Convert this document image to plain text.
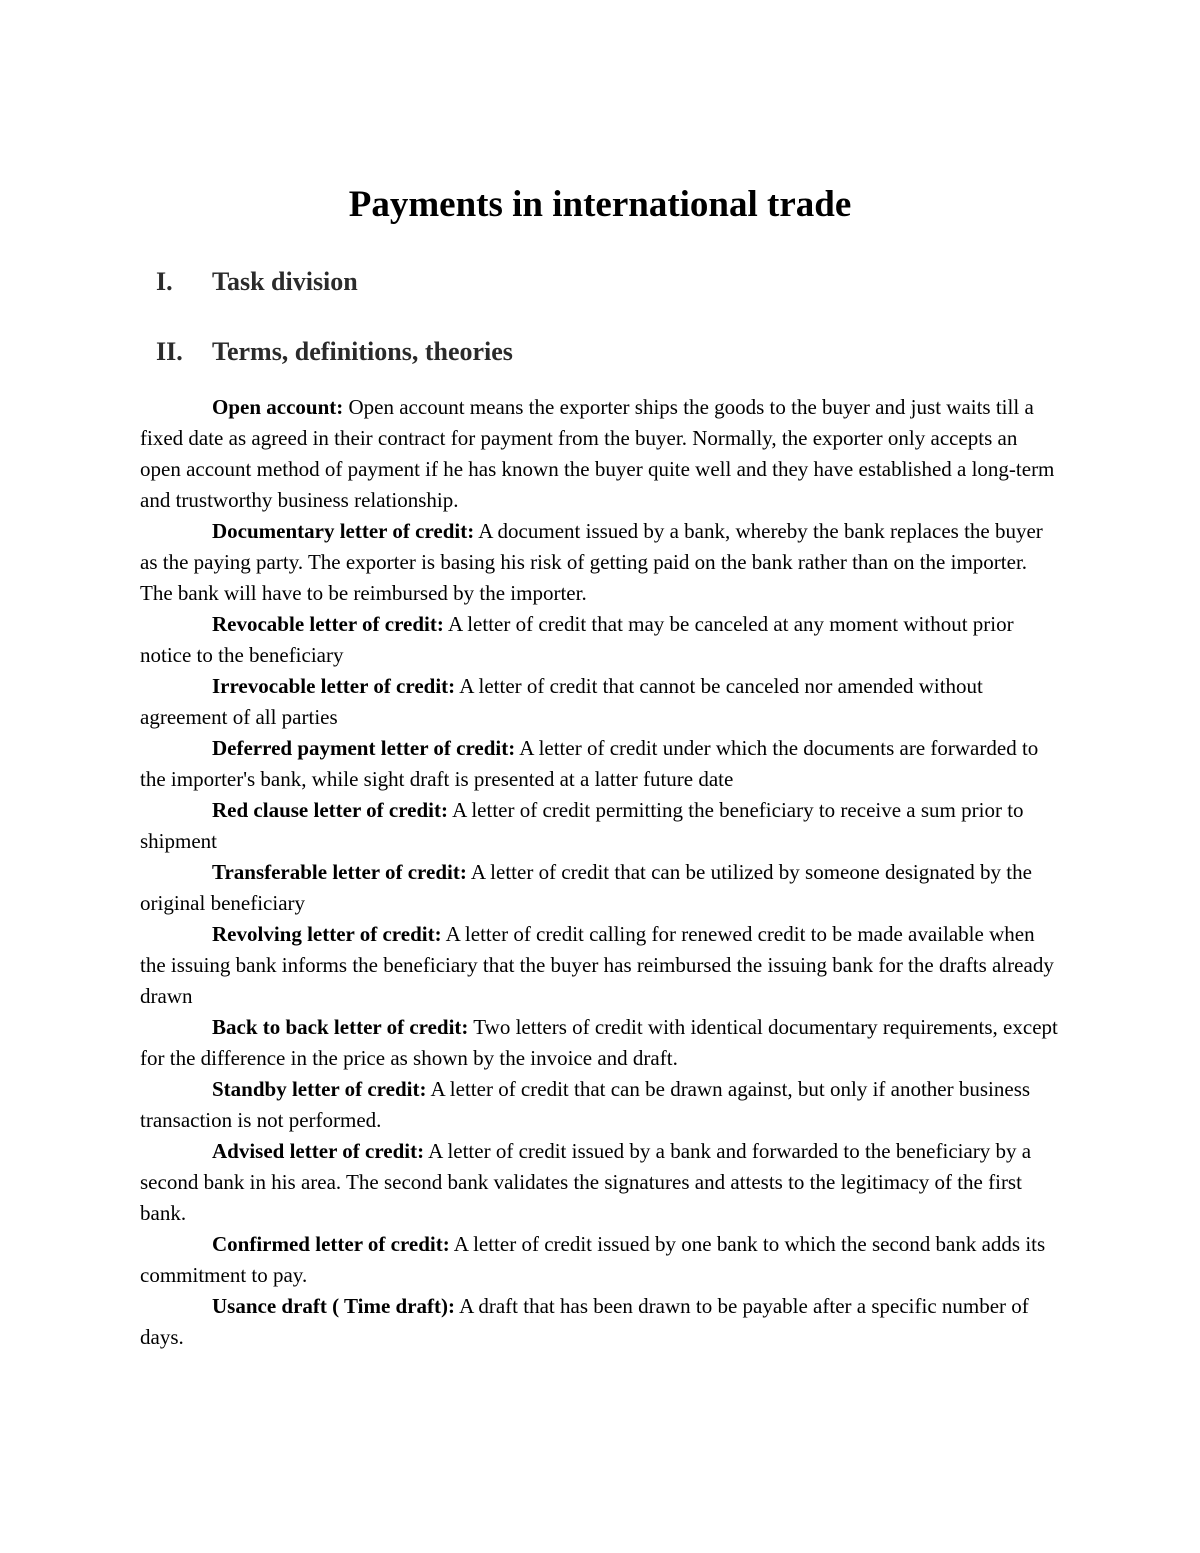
Payments in international trade
I. Task division
II. Terms, definitions, theories

Open account: Open account means the exporter ships the goods to the buyer and just waits till a fixed date as agreed in their contract for payment from the buyer. Normally, the exporter only accepts an open account method of payment if he has known the buyer quite well and they have established a long-term and trustworthy business relationship.

Documentary letter of credit: A document issued by a bank, whereby the bank replaces the buyer as the paying party. The exporter is basing his risk of getting paid on the bank rather than on the importer. The bank will have to be reimbursed by the importer.

Revocable letter of credit: A letter of credit that may be canceled at any moment without prior notice to the beneficiary

Irrevocable letter of credit: A letter of credit that cannot be canceled nor amended without agreement of all parties

Deferred payment letter of credit: A letter of credit under which the documents are forwarded to the importer's bank, while sight draft is presented at a latter future date

Red clause letter of credit: A letter of credit permitting the beneficiary to receive a sum prior to shipment

Transferable letter of credit: A letter of credit that can be utilized by someone designated by the original beneficiary

Revolving letter of credit: A letter of credit calling for renewed credit to be made available when the issuing bank informs the beneficiary that the buyer has reimbursed the issuing bank for the drafts already drawn

Back to back letter of credit: Two letters of credit with identical documentary requirements, except for the difference in the price as shown by the invoice and draft.

Standby letter of credit: A letter of credit that can be drawn against, but only if another business transaction is not performed.

Advised letter of credit: A letter of credit issued by a bank and forwarded to the beneficiary by a second bank in his area. The second bank validates the signatures and attests to the legitimacy of the first bank.

Confirmed letter of credit: A letter of credit issued by one bank to which the second bank adds its commitment to pay.

Usance draft ( Time draft): A draft that has been drawn to be payable after a specific number of days.
